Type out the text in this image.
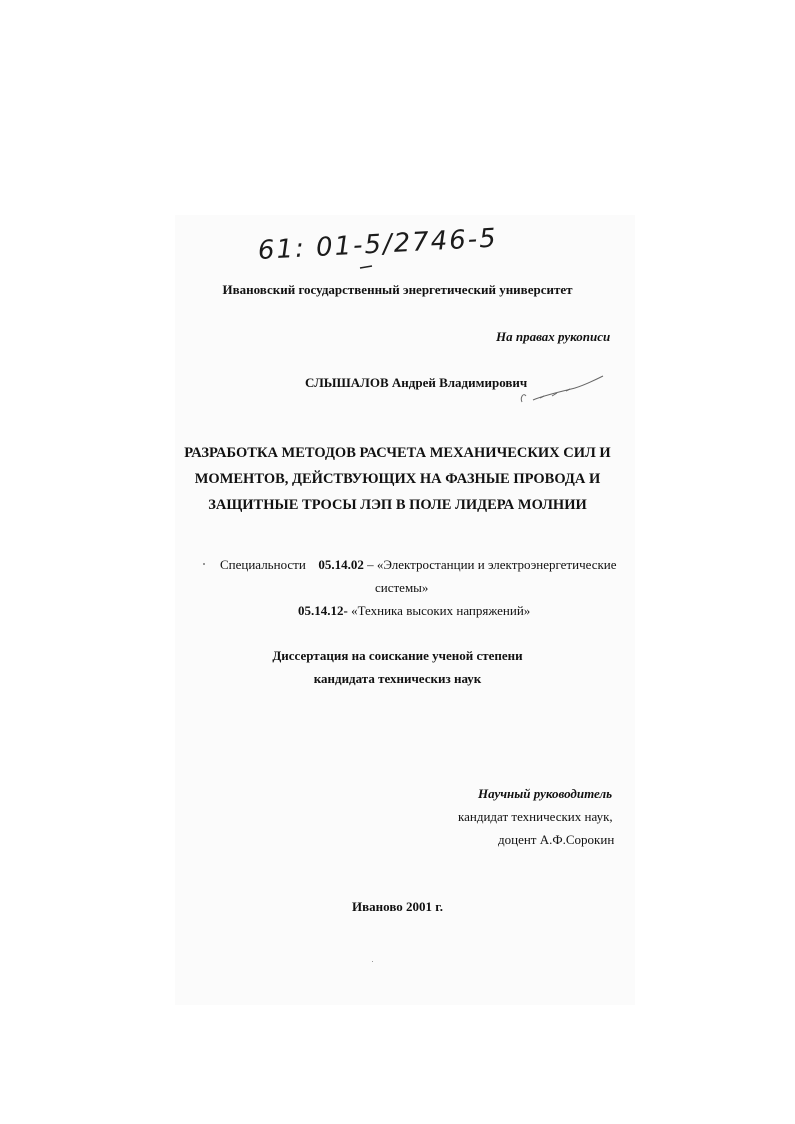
61: 01-5/2746-5
Ивановский государственный энергетический университет
На правах рукописи
СЛЫШАЛОВ Андрей Владимирович
РАЗРАБОТКА МЕТОДОВ РАСЧЕТА МЕХАНИЧЕСКИХ СИЛ И
МОМЕНТОВ, ДЕЙСТВУЮЩИХ НА ФАЗНЫЕ ПРОВОДА И
ЗАЩИТНЫЕ ТРОСЫ ЛЭП В ПОЛЕ ЛИДЕРА МОЛНИИ
Специальности 05.14.02 – «Электростанции и электроэнергетические
системы»
05.14.12- «Техника высоких напряжений»
Диссертация на соискание ученой степени
кандидата техническиз наук
Научный руководитель
кандидат технических наук,
доцент А.Ф.Сорокин
Иваново 2001 г.
